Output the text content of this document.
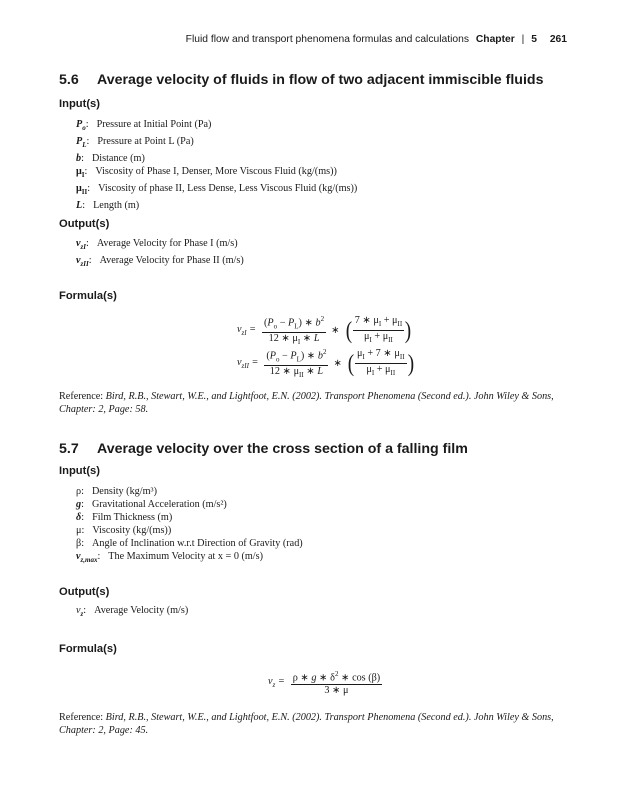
Fluid flow and transport phenomena formulas and calculations Chapter | 5 261
5.6 Average velocity of fluids in flow of two adjacent immiscible fluids
Input(s)
$P_o$: Pressure at Initial Point (Pa)
$P_L$: Pressure at Point L (Pa)
b: Distance (m)
$\mu_I$: Viscosity of Phase I, Denser, More Viscous Fluid (kg/(ms))
$\mu_{II}$: Viscosity of phase II, Less Dense, Less Viscous Fluid (kg/(ms))
L: Length (m)
Output(s)
$v_{zI}$: Average Velocity for Phase I (m/s)
$v_{zII}$: Average Velocity for Phase II (m/s)
Formula(s)
$v_{zI} = \frac{(P_o - P_L) ∗ b^2}{12 ∗ \mu_I ∗ L}$ ∗ ( $\frac{7 ∗ \mu_I + \mu_{II}}{\mu_I + \mu_{II}}$ )
$v_{zII} = \frac{(P_o - P_L) ∗ b^2}{12 ∗ \mu_{II} ∗ L}$ ∗ ( $\frac{\mu_I + 7 ∗ \mu_{II}}{\mu_I + \mu_{II}}$ )
Reference: Bird, R.B., Stewart, W.E., and Lightfoot, E.N. (2002). Transport Phenomena (Second ed.). John Wiley & Sons, Chapter: 2, Page: 58.
5.7 Average velocity over the cross section of a falling film
Input(s)
ρ: Density (kg/m³)
g: Gravitational Acceleration (m/s²)
δ: Film Thickness (m)
μ: Viscosity (kg/(ms))
β: Angle of Inclination w.r.t Direction of Gravity (rad)
$v_{z,max}$: The Maximum Velocity at x = 0 (m/s)
Output(s)
$v_z$: Average Velocity (m/s)
Formula(s)
$v_z = \frac{\rho ∗ g ∗ \delta^2 ∗ \cos (\beta)}{3 ∗ \mu}$
Reference: Bird, R.B., Stewart, W.E., and Lightfoot, E.N. (2002). Transport Phenomena (Second ed.). John Wiley & Sons, Chapter: 2, Page: 45.
